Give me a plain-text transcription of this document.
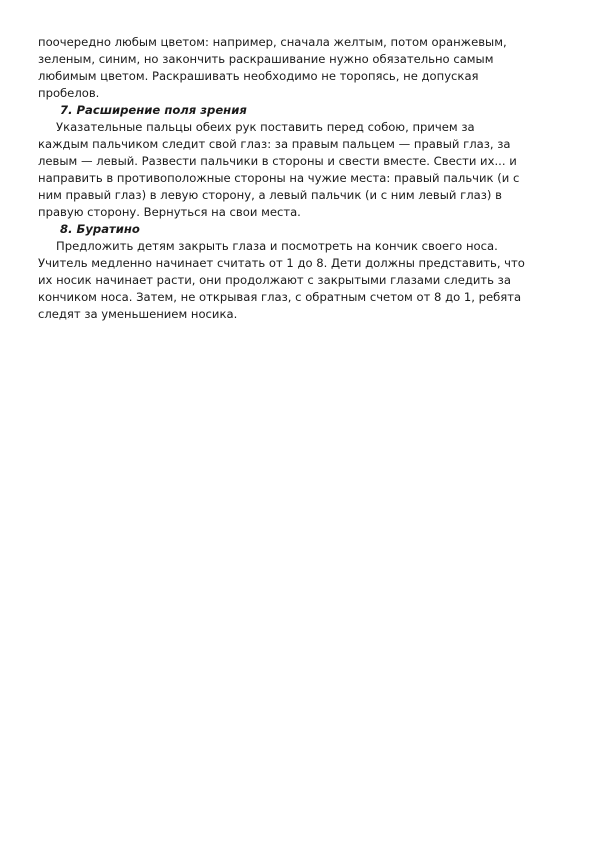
поочередно любым цветом: например, сначала желтым, потом оранжевым,
зеленым, синим, но закончить раскрашивание нужно обязательно самым
любимым цветом. Раскрашивать необходимо не торопясь, не допуская
пробелов.
7. Расширение поля зрения
Указательные пальцы обеих рук поставить перед собою, причем за
каждым пальчиком следит свой глаз: за правым пальцем — правый глаз, за
левым — левый. Развести пальчики в стороны и свести вместе. Свести их... и
направить в противоположные стороны на чужие места: правый пальчик (и с
ним правый глаз) в левую сторону, а левый пальчик (и с ним левый глаз) в
правую сторону. Вернуться на свои места.
8. Буратино
Предложить детям закрыть глаза и посмотреть на кончик своего носа.
Учитель медленно начинает считать от 1 до 8. Дети должны представить, что
их носик начинает расти, они продолжают с закрытыми глазами следить за
кончиком носа. Затем, не открывая глаз, с обратным счетом от 8 до 1, ребята
следят за уменьшением носика.
